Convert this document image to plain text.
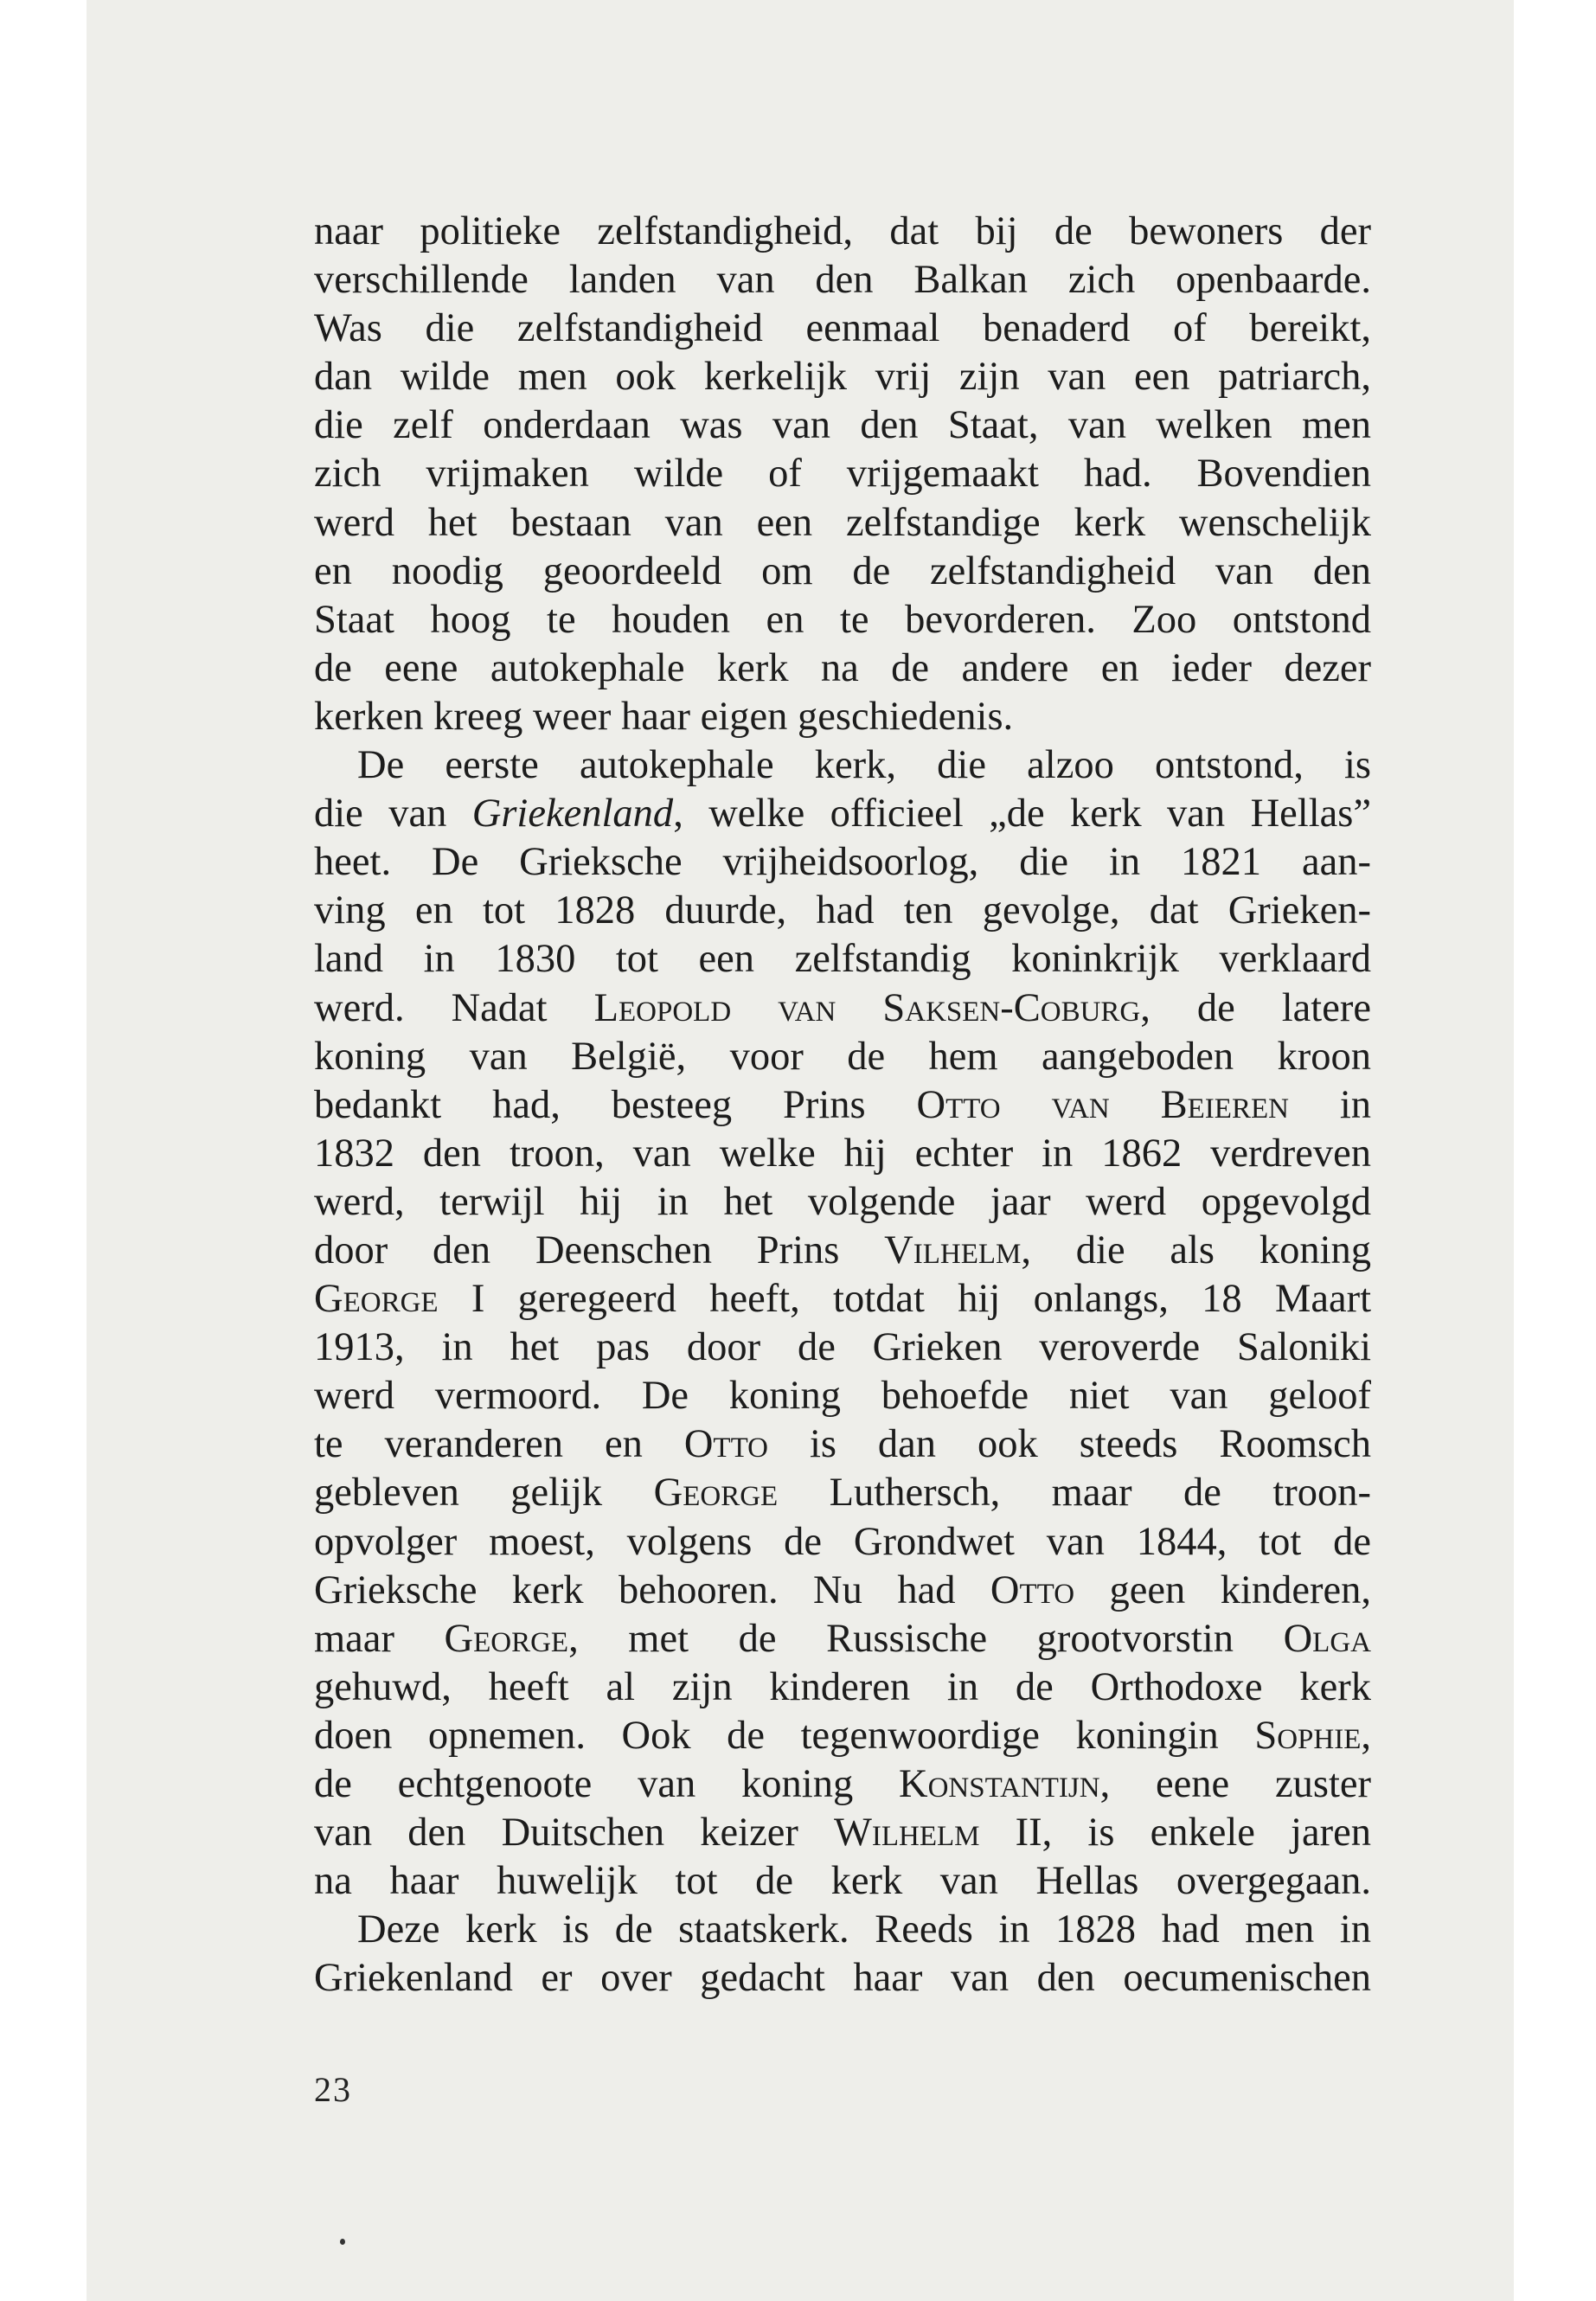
naar politieke zelfstandigheid, dat bij de bewoners der
verschillende landen van den Balkan zich openbaarde.
Was die zelfstandigheid eenmaal benaderd of bereikt,
dan wilde men ook kerkelijk vrij zijn van een patriarch,
die zelf onderdaan was van den Staat, van welken men
zich vrijmaken wilde of vrijgemaakt had. Bovendien
werd het bestaan van een zelfstandige kerk wenschelijk
en noodig geoordeeld om de zelfstandigheid van den
Staat hoog te houden en te bevorderen. Zoo ontstond
de eene autokephale kerk na de andere en ieder dezer
kerken kreeg weer haar eigen geschiedenis.
De eerste autokephale kerk, die alzoo ontstond, is
die van Griekenland, welke officieel „de kerk van Hellas”
heet. De Grieksche vrijheidsoorlog, die in 1821 aan-
ving en tot 1828 duurde, had ten gevolge, dat Grieken-
land in 1830 tot een zelfstandig koninkrijk verklaard
werd. Nadat Leopold van Saksen-Coburg, de latere
koning van België, voor de hem aangeboden kroon
bedankt had, besteeg Prins Otto van Beieren in
1832 den troon, van welke hij echter in 1862 verdreven
werd, terwijl hij in het volgende jaar werd opgevolgd
door den Deenschen Prins Vilhelm, die als koning
George I geregeerd heeft, totdat hij onlangs, 18 Maart
1913, in het pas door de Grieken veroverde Saloniki
werd vermoord. De koning behoefde niet van geloof
te veranderen en Otto is dan ook steeds Roomsch
gebleven gelijk George Luthersch, maar de troon-
opvolger moest, volgens de Grondwet van 1844, tot de
Grieksche kerk behooren. Nu had Otto geen kinderen,
maar George, met de Russische grootvorstin Olga
gehuwd, heeft al zijn kinderen in de Orthodoxe kerk
doen opnemen. Ook de tegenwoordige koningin Sophie,
de echtgenoote van koning Konstantijn, eene zuster
van den Duitschen keizer Wilhelm II, is enkele jaren
na haar huwelijk tot de kerk van Hellas overgegaan.
Deze kerk is de staatskerk. Reeds in 1828 had men in
Griekenland er over gedacht haar van den oecumenischen
23
